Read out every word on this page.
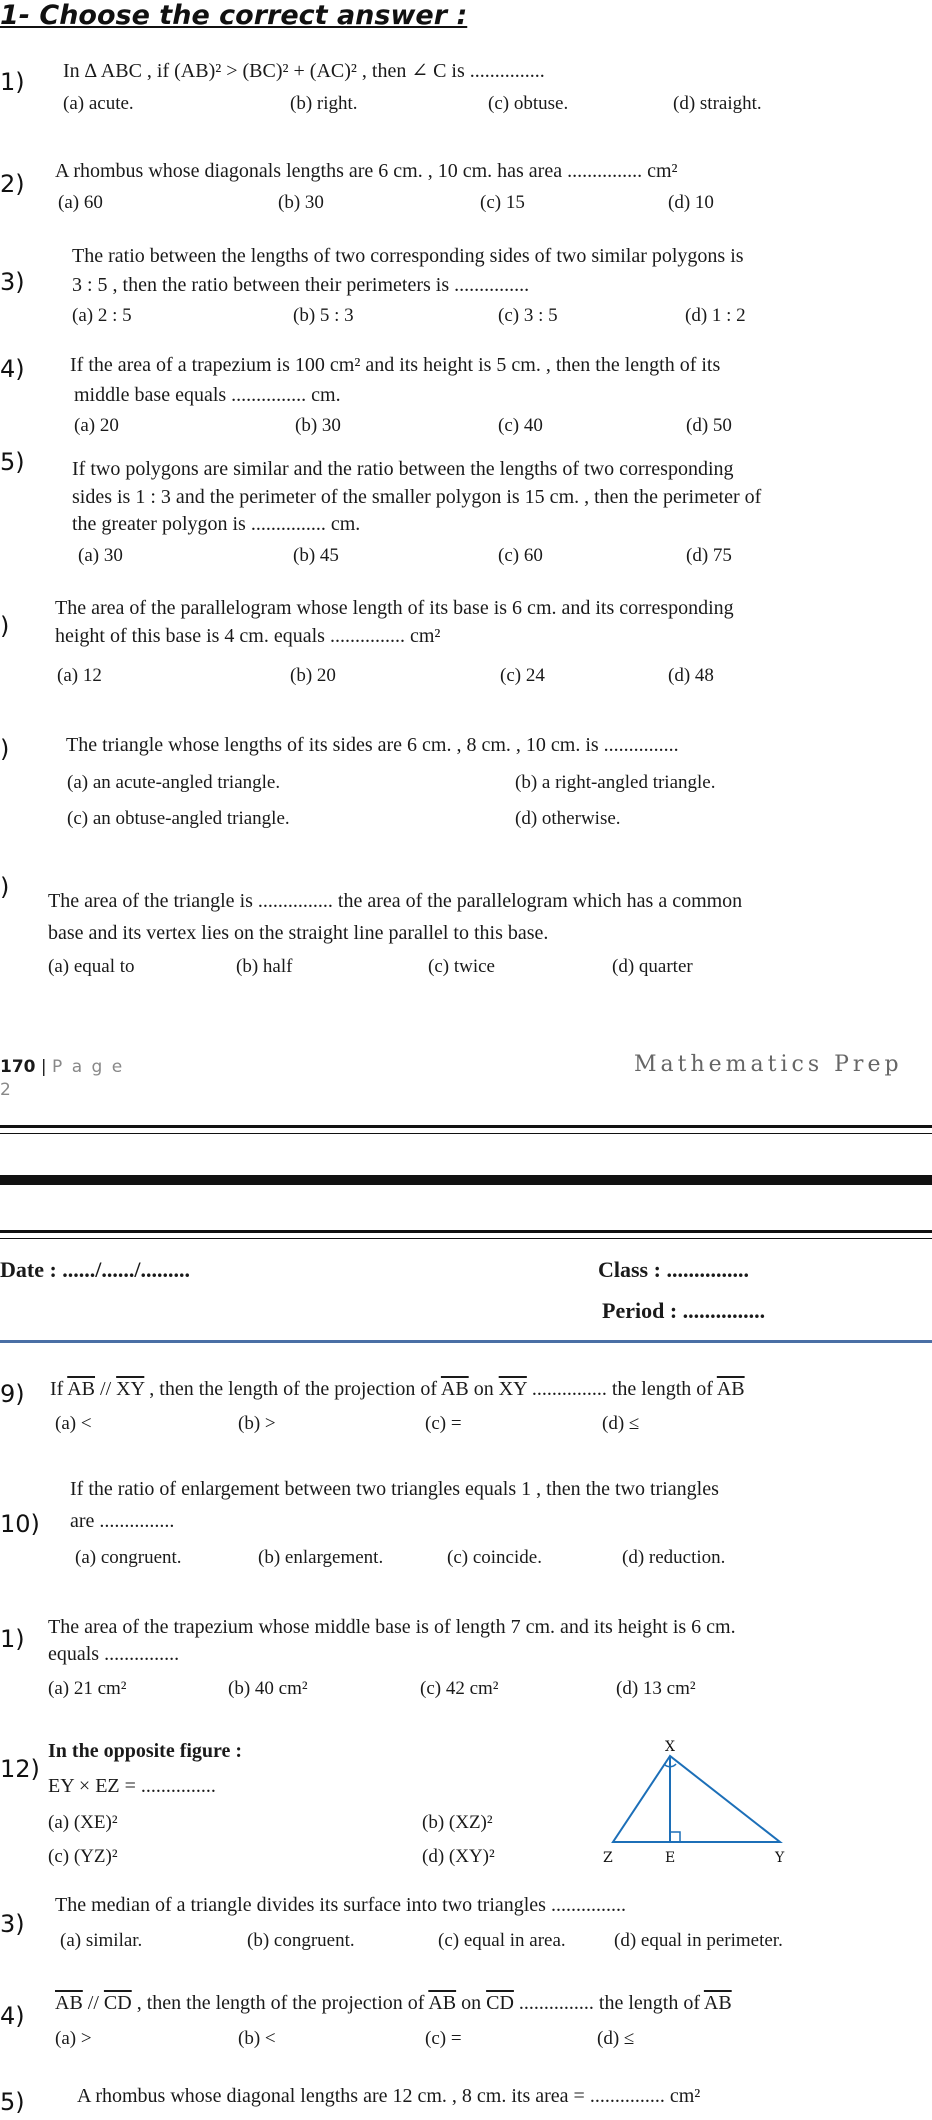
1- Choose the correct answer :
1) In ∆ ABC , if (AB)² > (BC)² + (AC)² , then ∠ C is ...............
(a) acute.	(b) right.	(c) obtuse.	(d) straight.
2) A rhombus whose diagonals lengths are 6 cm. , 10 cm. has area ............... cm²
(a) 60	(b) 30	(c) 15	(d) 10
3)
The ratio between the lengths of two corresponding sides of two similar polygons is
3 : 5 , then the ratio between their perimeters is ...............
(a) 2 : 5	(b) 5 : 3	(c) 3 : 5	(d) 1 : 2
4) If the area of a trapezium is 100 cm² and its height is 5 cm. , then the length of its
middle base equals ............... cm.
(a) 20	(b) 30	(c) 40	(d) 50
5) If two polygons are similar and the ratio between the lengths of two corresponding
sides is 1 : 3 and the perimeter of the smaller polygon is 15 cm. , then the perimeter of
the greater polygon is ............... cm.
(a) 30	(b) 45	(c) 60	(d) 75
)
The area of the parallelogram whose length of its base is 6 cm. and its corresponding
height of this base is 4 cm. equals ............... cm²
(a) 12	(b) 20	(c) 24	(d) 48
)	The triangle whose lengths of its sides are 6 cm. , 8 cm. , 10 cm. is ...............
(a) an acute-angled triangle.	(b) a right-angled triangle.
(c) an obtuse-angled triangle.	(d) otherwise.
) The area of the triangle is ............... the area of the parallelogram which has a common
base and its vertex lies on the straight line parallel to this base.
(a) equal to	(b) half	(c) twice	(d) quarter
170 | P a g e
2
Mathematics Prep
Date : ....../....../.........	Class : ...............
Period : ...............
9) If $\overline{AB} // \overline{XY}$ , then the length of the projection of $\overline{AB}$ on $\overline{XY}$ ............... the length of $\overline{AB}$
(a) <	(b) >	(c) =	(d) ≤
10)
If the ratio of enlargement between two triangles equals 1 , then the two triangles
are ...............
(a) congruent.	(b) enlargement.	(c) coincide.	(d) reduction.
1) The area of the trapezium whose middle base is of length 7 cm. and its height is 6 cm.
equals ...............
(a) 21 cm²	(b) 40 cm²	(c) 42 cm²	(d) 13 cm²
12)
In the opposite figure :
EY × EZ = ...............
(a) (XE)²	(b) (XZ)²
(c) (YZ)²	(d) (XY)²
X
Z	E	Y
3)
The median of a triangle divides its surface into two triangles ...............
(a) similar.	(b) congruent.	(c) equal in area.	(d) equal in perimeter.
4) $\overline{AB} // \overline{CD}$ , then the length of the projection of $\overline{AB}$ on $\overline{CD}$ ............... the length of $\overline{AB}$
(a) >	(b) <	(c) =	(d) ≤
5)	A rhombus whose diagonal lengths are 12 cm. , 8 cm. its area = ............... cm²
